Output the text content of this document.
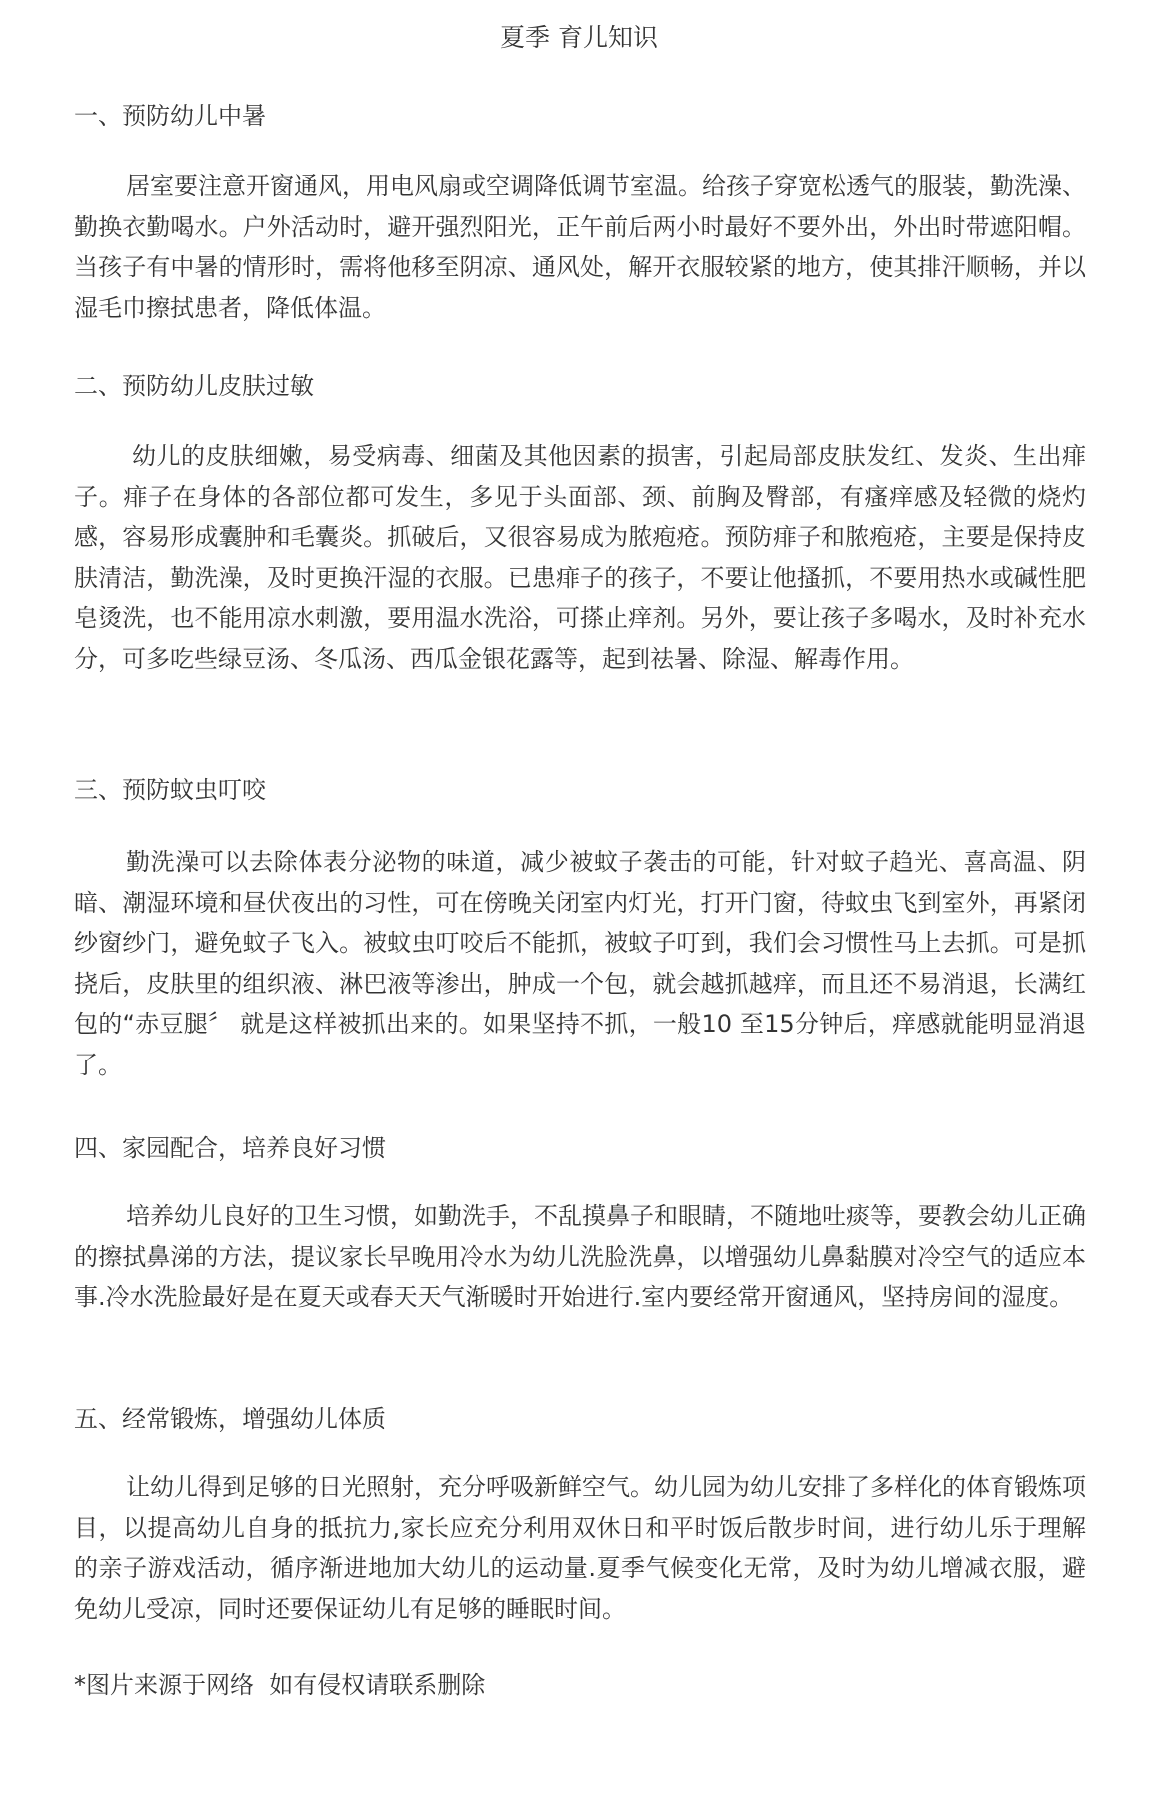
夏季 育儿知识
一、预防幼儿中暑
居室要注意开窗通风，用电风扇或空调降低调节室温。给孩子穿宽松透气的服装，勤洗澡、勤换衣勤喝水。户外活动时，避开强烈阳光，正午前后两小时最好不要外出，外出时带遮阳帽。当孩子有中暑的情形时，需将他移至阴凉、通风处，解开衣服较紧的地方，使其排汗顺畅，并以湿毛巾擦拭患者，降低体温。
二、预防幼儿皮肤过敏
幼儿的皮肤细嫩，易受病毒、细菌及其他因素的损害，引起局部皮肤发红、发炎、生出痱子。痱子在身体的各部位都可发生，多见于头面部、颈、前胸及臀部，有瘙痒感及轻微的烧灼感，容易形成囊肿和毛囊炎。抓破后，又很容易成为脓疱疮。预防痱子和脓疱疮，主要是保持皮肤清洁，勤洗澡，及时更换汗湿的衣服。已患痱子的孩子，不要让他搔抓，不要用热水或碱性肥皂烫洗，也不能用凉水刺激，要用温水洗浴，可搽止痒剂。另外，要让孩子多喝水，及时补充水分，可多吃些绿豆汤、冬瓜汤、西瓜金银花露等，起到祛暑、除湿、解毒作用。
三、预防蚊虫叮咬
勤洗澡可以去除体表分泌物的味道，减少被蚊子袭击的可能，针对蚊子趋光、喜高温、阴暗、潮湿环境和昼伏夜出的习性，可在傍晚关闭室内灯光，打开门窗，待蚊虫飞到室外，再紧闭纱窗纱门，避免蚊子飞入。被蚊虫叮咬后不能抓，被蚊子叮到，我们会习惯性马上去抓。可是抓挠后，皮肤里的组织液、淋巴液等渗出，肿成一个包，就会越抓越痒，而且还不易消退，长满红包的“赤豆腿〞 就是这样被抓出来的。如果坚持不抓，一般10 至15分钟后，痒感就能明显消退了。
四、家园配合，培养良好习惯
培养幼儿良好的卫生习惯，如勤洗手，不乱摸鼻子和眼睛，不随地吐痰等，要教会幼儿正确的擦拭鼻涕的方法，提议家长早晚用冷水为幼儿洗脸洗鼻，以增强幼儿鼻黏膜对冷空气的适应本事.冷水洗脸最好是在夏天或春天天气渐暖时开始进行.室内要经常开窗通风，坚持房间的湿度。
五、经常锻炼，增强幼儿体质
让幼儿得到足够的日光照射，充分呼吸新鲜空气。幼儿园为幼儿安排了多样化的体育锻炼项目，以提高幼儿自身的抵抗力,家长应充分利用双休日和平时饭后散步时间，进行幼儿乐于理解的亲子游戏活动，循序渐进地加大幼儿的运动量.夏季气候变化无常，及时为幼儿增减衣服，避免幼儿受凉，同时还要保证幼儿有足够的睡眠时间。
*图片来源于网络  如有侵权请联系删除
